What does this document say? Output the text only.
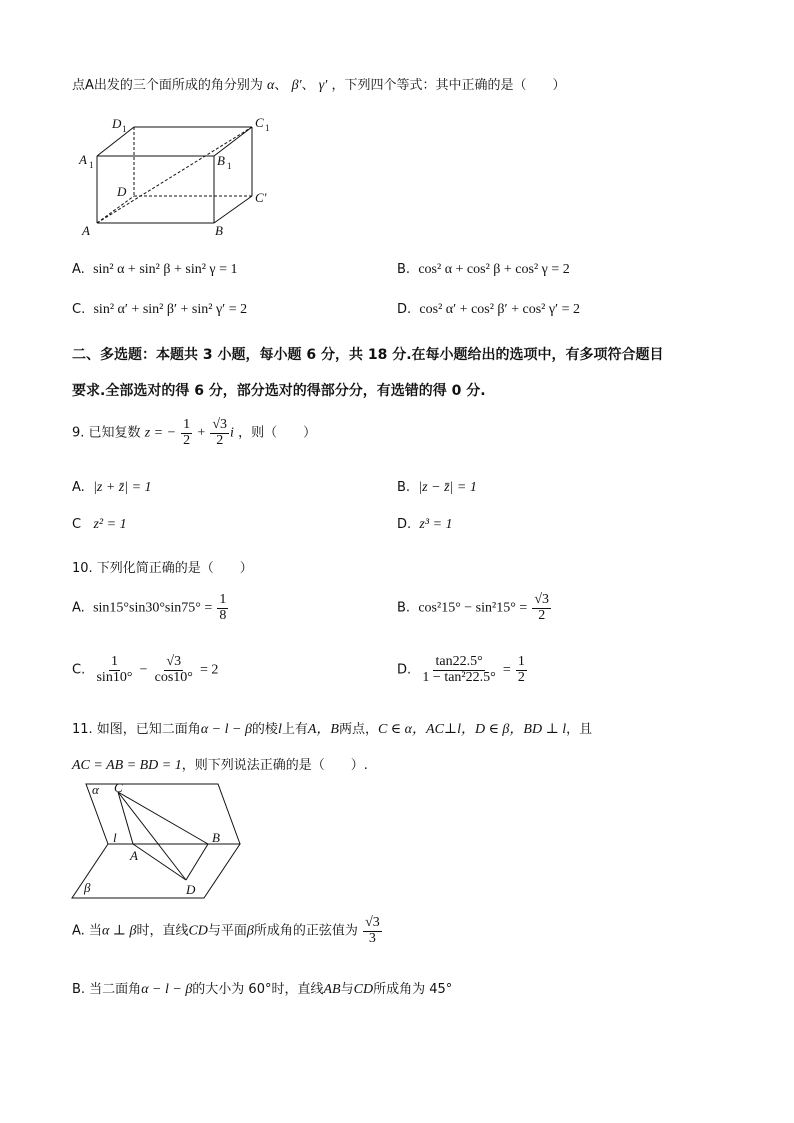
点A出发的三个面所成的角分别为 α、 β′、 γ′ ，下列四个等式：其中正确的是（　　）
D 1	C 1
A 1	B 1
D	C′
A	B
A. sin² α + sin² β + sin² γ = 1	B. cos² α + cos² β + cos² γ = 2
C. sin² α′ + sin² β′ + sin² γ′ = 2	D. cos² α′ + cos² β′ + cos² γ′ = 2
二、多选题：本题共 3 小题，每小题 6 分，共 18 分.在每小题给出的选项中，有多项符合题目
要求.全部选对的得 6 分，部分选对的得部分分，有选错的得 0 分.
9. 已知复数 z = − $\frac{1}{2} + \frac{√3}{2}$ i ，则（　　）
A. |z + z̄| = 1	B. |z − z̄| = 1
C z² = 1	D. z³ = 1
10. 下列化简正确的是（　　）
A. $\sin 15^\circ\sin 30^\circ\sin 75^\circ = \frac{1}{8}$	B. $\cos^215^\circ - \sin^215^\circ = \frac{√3}{2}$
C. $\frac{1}{\sin 10^\circ} - \frac{√3}{\cos 10^\circ} = 2$	D. $\frac{\tan 22.5^\circ}{\text{1 − tan²22.5°}} = \frac{1}{2}$
11. 如图，已知二面角α − l − β的棱l上有A，B两点，C ∈ α，AC⊥l，D ∈ β，BD ⊥ l，且
AC = AB = BD = 1，则下列说法正确的是（　　）.
α C
l
A
B
D
β
A. 当α ⊥ β时，直线CD与平面β所成角的正弦值为 $\frac{√3}{3}$
B. 当二面角α − l − β的大小为 60°时，直线AB与CD所成角为 45°
